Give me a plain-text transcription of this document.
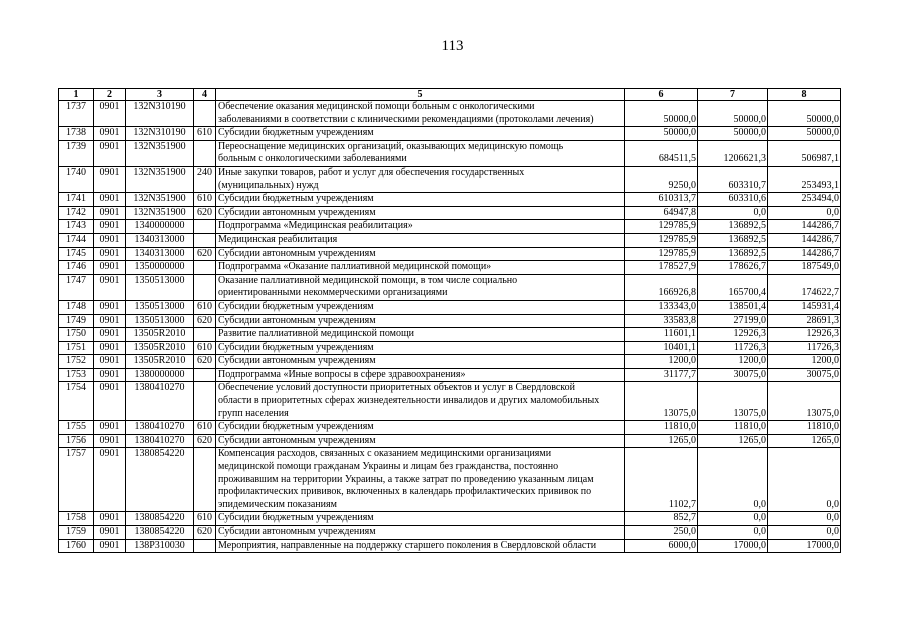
113
1	2	3	4	5	6	7	8
1737	0901	132N310190		Обеспечение оказания медицинской помощи больным с онкологическими
заболеваниями в соответствии с клиническими рекомендациями (протоколами лечения)	50000,0	50000,0	50000,0
1738	0901	132N310190	610	Субсидии бюджетным учреждениям	50000,0	50000,0	50000,0
1739	0901	132N351900		Переоснащение медицинских организаций, оказывающих медицинскую помощь
больным с онкологическими заболеваниями	684511,5	1206621,3	506987,1
1740	0901	132N351900	240	Иные закупки товаров, работ и услуг для обеспечения государственных
(муниципальных) нужд	9250,0	603310,7	253493,1
1741	0901	132N351900	610	Субсидии бюджетным учреждениям	610313,7	603310,6	253494,0
1742	0901	132N351900	620	Субсидии автономным учреждениям	64947,8	0,0	0,0
1743	0901	1340000000		Подпрограмма «Медицинская реабилитация»	129785,9	136892,5	144286,7
1744	0901	1340313000		Медицинская реабилитация	129785,9	136892,5	144286,7
1745	0901	1340313000	620	Субсидии автономным учреждениям	129785,9	136892,5	144286,7
1746	0901	1350000000		Подпрограмма «Оказание паллиативной медицинской помощи»	178527,9	178626,7	187549,0
1747	0901	1350513000		Оказание паллиативной медицинской помощи, в том числе социально
ориентированными некоммерческими организациями	166926,8	165700,4	174622,7
1748	0901	1350513000	610	Субсидии бюджетным учреждениям	133343,0	138501,4	145931,4
1749	0901	1350513000	620	Субсидии автономным учреждениям	33583,8	27199,0	28691,3
1750	0901	13505R2010		Развитие паллиативной медицинской помощи	11601,1	12926,3	12926,3
1751	0901	13505R2010	610	Субсидии бюджетным учреждениям	10401,1	11726,3	11726,3
1752	0901	13505R2010	620	Субсидии автономным учреждениям	1200,0	1200,0	1200,0
1753	0901	1380000000		Подпрограмма «Иные вопросы в сфере здравоохранения»	31177,7	30075,0	30075,0
1754	0901	1380410270		Обеспечение условий доступности приоритетных объектов и услуг в Свердловской
области в приоритетных сферах жизнедеятельности инвалидов и других маломобильных
групп населения	13075,0	13075,0	13075,0
1755	0901	1380410270	610	Субсидии бюджетным учреждениям	11810,0	11810,0	11810,0
1756	0901	1380410270	620	Субсидии автономным учреждениям	1265,0	1265,0	1265,0
1757	0901	1380854220		Компенсация расходов, связанных с оказанием медицинскими организациями
медицинской помощи гражданам Украины и лицам без гражданства, постоянно
проживавшим на территории Украины, а также затрат по проведению указанным лицам
профилактических прививок, включенных в календарь профилактических прививок по
эпидемическим показаниям	1102,7	0,0	0,0
1758	0901	1380854220	610	Субсидии бюджетным учреждениям	852,7	0,0	0,0
1759	0901	1380854220	620	Субсидии автономным учреждениям	250,0	0,0	0,0
1760	0901	138P310030		Мероприятия, направленные на поддержку старшего поколения в Свердловской области	6000,0	17000,0	17000,0
